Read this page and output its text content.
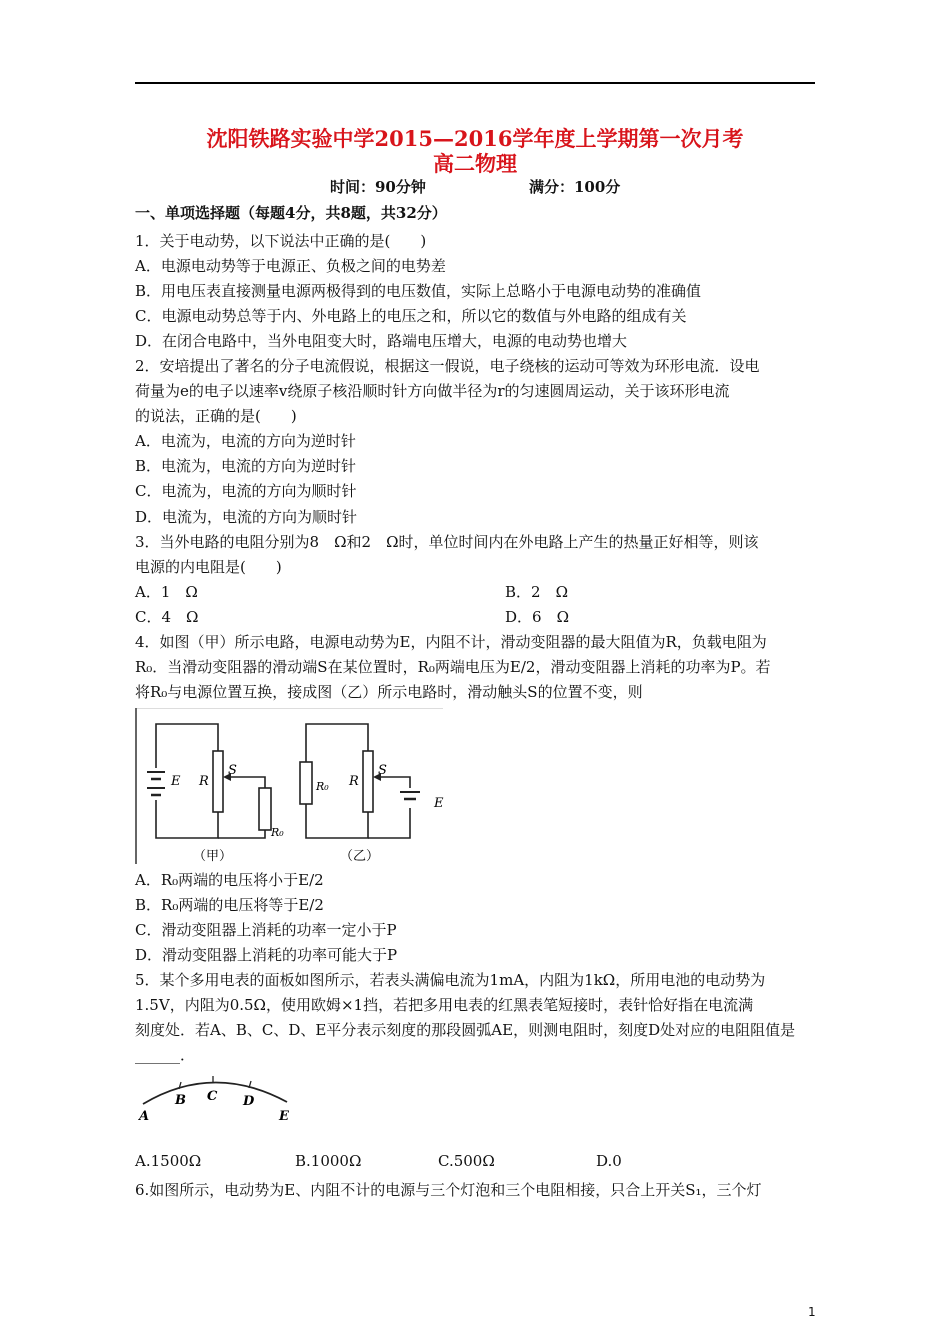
沈阳铁路实验中学2015—2016学年度上学期第一次月考
高二物理
时间：90分钟	满分：100分
一、单项选择题（每题4分，共8题，共32分）
1．关于电动势，以下说法中正确的是(　　)
A．电源电动势等于电源正、负极之间的电势差
B．用电压表直接测量电源两极得到的电压数值，实际上总略小于电源电动势的准确值
C．电源电动势总等于内、外电路上的电压之和，所以它的数值与外电路的组成有关
D．在闭合电路中，当外电阻变大时，路端电压增大，电源的电动势也增大
2．安培提出了著名的分子电流假说，根据这一假说，电子绕核的运动可等效为环形电流．设电
荷量为e的电子以速率v绕原子核沿顺时针方向做半径为r的匀速圆周运动，关于该环形电流
的说法，正确的是(　　)
A．电流为，电流的方向为逆时针
B．电流为，电流的方向为逆时针
C．电流为，电流的方向为顺时针
D．电流为，电流的方向为顺时针
3．当外电路的电阻分别为8　Ω和2　Ω时，单位时间内在外电路上产生的热量正好相等，则该
电源的内电阻是(　　)
A．1　Ω	B．2　Ω
C．4　Ω	D．6　Ω
4．如图（甲）所示电路，电源电动势为E，内阻不计，滑动变阻器的最大阻值为R，负载电阻为
R₀．当滑动变阻器的滑动端S在某位置时，R₀两端电压为E/2，滑动变阻器上消耗的功率为P。若
将R₀与电源位置互换，接成图（乙）所示电路时，滑动触头S的位置不变，则
E R
S
R₀
（甲）
R₀ R
S
E
（乙）
A．R₀两端的电压将小于E/2
B．R₀两端的电压将等于E/2
C．滑动变阻器上消耗的功率一定小于P
D．滑动变阻器上消耗的功率可能大于P
5．某个多用电表的面板如图所示，若表头满偏电流为1mA，内阻为1kΩ，所用电池的电动势为
1.5V，内阻为0.5Ω，使用欧姆×1挡，若把多用电表的红黑表笔短接时，表针恰好指在电流满
刻度处．若A、B、C、D、E平分表示刻度的那段圆弧AE，则测电阻时，刻度D处对应的电阻阻值是
______．
A
B C D
E
A.1500Ω	B.1000Ω	C.500Ω	D.0
6.如图所示，电动势为E、内阻不计的电源与三个灯泡和三个电阻相接，只合上开关S₁，三个灯
1
